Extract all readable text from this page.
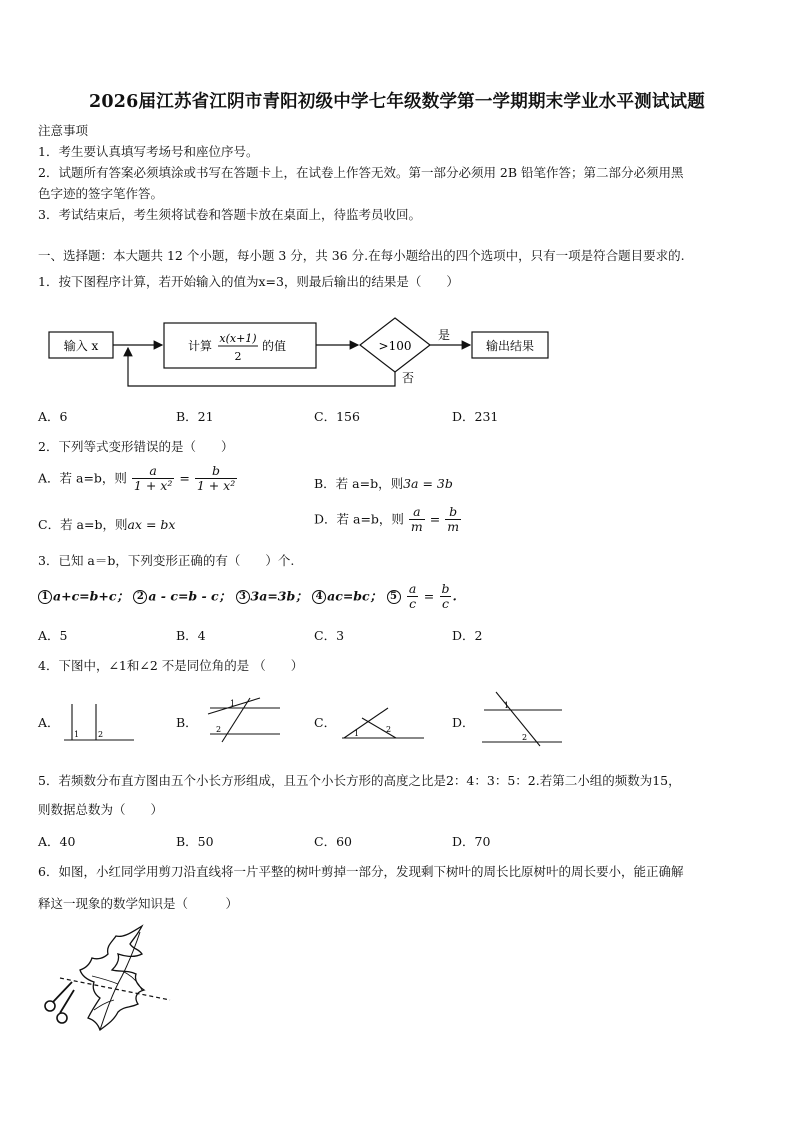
2026届江苏省江阴市青阳初级中学七年级数学第一学期期末学业水平测试试题
注意事项
1．考生要认真填写考场号和座位序号。
2．试题所有答案必须填涂或书写在答题卡上，在试卷上作答无效。第一部分必须用 2B 铅笔作答；第二部分必须用黑
色字迹的签字笔作答。
3．考试结束后，考生须将试卷和答题卡放在桌面上，待监考员收回。
一、选择题：本大题共 12 个小题，每小题 3 分，共 36 分.在每小题给出的四个选项中，只有一项是符合题目要求的.
1．按下图程序计算，若开始输入的值为x=3，则最后输出的结果是（　　）
输入 x	计算
x(x+1)
2
的值	>100
是
输出结果
否
A．6	B．21	C．156	D．231
2．下列等式变形错误的是（　　）
A．若 a=b，则 $\frac{a}{\text{1 + x²}} = \frac{b}{\text{1 + x²}}$	B．若 a=b，则3a = 3b
C．若 a=b，则ax = bx	D．若 a=b，则 $\frac{a}{m} = \frac{b}{m}$
3．已知 a＝b，下列变形正确的有（　　）个.
1 a+c=b+c； 2 a - c=b - c； 3 3a=3b； 4 ac=bc； $5 \frac{a}{c} = \frac{b}{c}$ .
A．5	B．4	C．3	D．2
4．下图中，∠1和∠2 不是同位角的是 （　　）
A．
1 2
B．
1
2	C．
1	2	D．
1
2
5．若频数分布直方图由五个小长方形组成，且五个小长方形的高度之比是2：4：3：5：2.若第二小组的频数为15，
则数据总数为（　　）
A．40	B．50	C．60	D．70
6．如图，小红同学用剪刀沿直线将一片平整的树叶剪掉一部分，发现剩下树叶的周长比原树叶的周长要小，能正确解
释这一现象的数学知识是（　　　）
